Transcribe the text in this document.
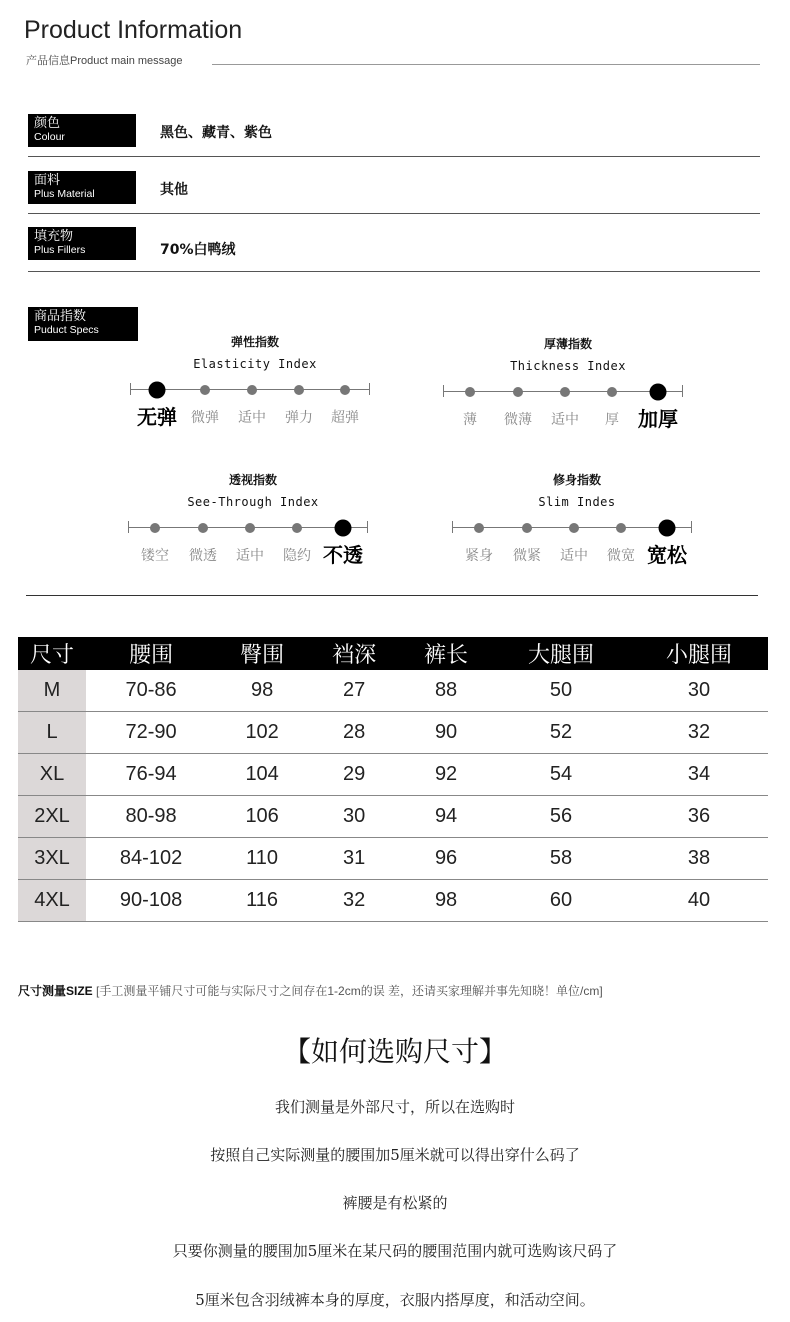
Product Information
产品信息Product main message
颜色
Colour	黑色、藏青、紫色
面料
Plus Material	其他
填充物
Plus Fillers	70%白鸭绒
商品指数
Puduct Specs
弹性指数
Elasticity Index
无弹 微弹 适中 弹力 超弹
厚薄指数
Thickness Index
薄 微薄 适中 厚 加厚
透视指数
See-Through Index
镂空 微透 适中 隐约 不透
修身指数
Slim Indes
紧身 微紧 适中 微宽 宽松
尺寸	腰围	臀围	裆深	裤长	大腿围	小腿围
M	70-86	98	27	88	50	30
L	72-90	102	28	90	52	32
XL	76-94	104	29	92	54	34
2XL	80-98	106	30	94	56	36
3XL	84-102	110	31	96	58	38
4XL	90-108	116	32	98	60	40
尺寸测量SIZE [手工测量平铺尺寸可能与实际尺寸之间存在1-2cm的误 差，还请买家理解并事先知晓！单位/cm]
【如何选购尺寸】
我们测量是外部尺寸，所以在选购时
按照自己实际测量的腰围加5厘米就可以得出穿什么码了
裤腰是有松紧的
只要你测量的腰围加5厘米在某尺码的腰围范围内就可选购该尺码了
5厘米包含羽绒裤本身的厚度，衣服内搭厚度，和活动空间。
